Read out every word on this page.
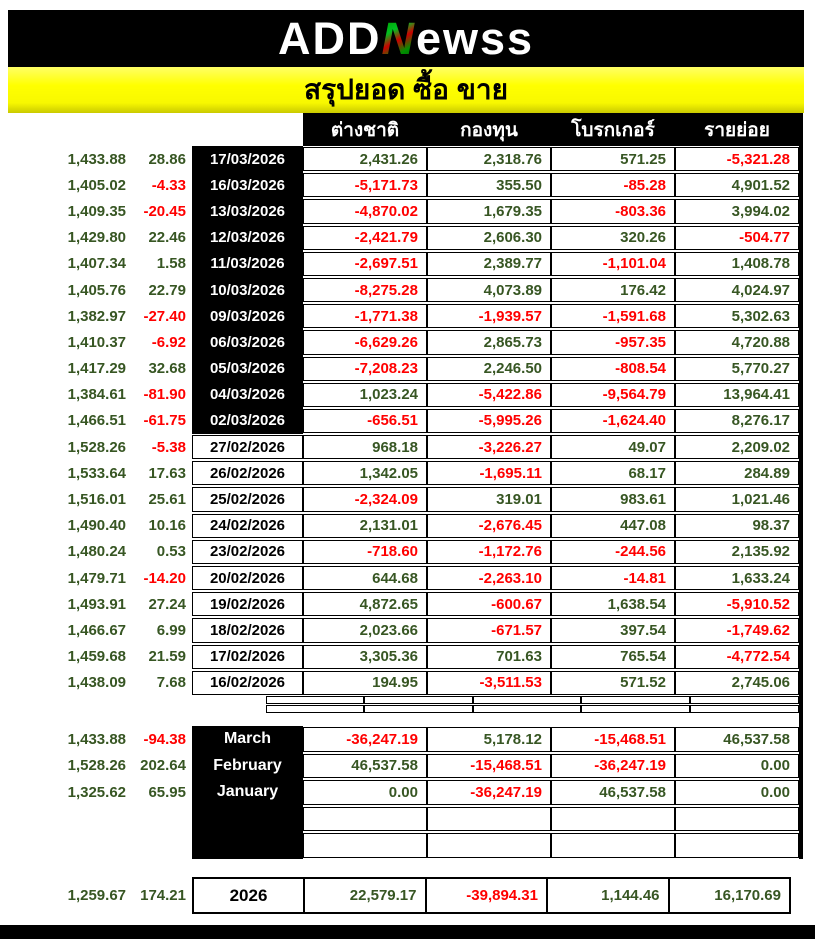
ADDNewss
สรุปยอด ซื้อ ขาย
ต่างชาติ	กองทุน	โบรกเกอร์	รายย่อย
1,433.88	28.86	17/03/2026	2,431.26	2,318.76	571.25	-5,321.28
1,405.02	-4.33	16/03/2026	-5,171.73	355.50	-85.28	4,901.52
1,409.35	-20.45	13/03/2026	-4,870.02	1,679.35	-803.36	3,994.02
1,429.80	22.46	12/03/2026	-2,421.79	2,606.30	320.26	-504.77
1,407.34	1.58	11/03/2026	-2,697.51	2,389.77	-1,101.04	1,408.78
1,405.76	22.79	10/03/2026	-8,275.28	4,073.89	176.42	4,024.97
1,382.97	-27.40	09/03/2026	-1,771.38	-1,939.57	-1,591.68	5,302.63
1,410.37	-6.92	06/03/2026	-6,629.26	2,865.73	-957.35	4,720.88
1,417.29	32.68	05/03/2026	-7,208.23	2,246.50	-808.54	5,770.27
1,384.61	-81.90	04/03/2026	1,023.24	-5,422.86	-9,564.79	13,964.41
1,466.51	-61.75	02/03/2026	-656.51	-5,995.26	-1,624.40	8,276.17
1,528.26	-5.38	27/02/2026	968.18	-3,226.27	49.07	2,209.02
1,533.64	17.63	26/02/2026	1,342.05	-1,695.11	68.17	284.89
1,516.01	25.61	25/02/2026	-2,324.09	319.01	983.61	1,021.46
1,490.40	10.16	24/02/2026	2,131.01	-2,676.45	447.08	98.37
1,480.24	0.53	23/02/2026	-718.60	-1,172.76	-244.56	2,135.92
1,479.71	-14.20	20/02/2026	644.68	-2,263.10	-14.81	1,633.24
1,493.91	27.24	19/02/2026	4,872.65	-600.67	1,638.54	-5,910.52
1,466.67	6.99	18/02/2026	2,023.66	-671.57	397.54	-1,749.62
1,459.68	21.59	17/02/2026	3,305.36	701.63	765.54	-4,772.54
1,438.09	7.68	16/02/2026	194.95	-3,511.53	571.52	2,745.06
1,433.88	-94.38	March	-36,247.19	5,178.12	-15,468.51	46,537.58
1,528.26 202.64	February	46,537.58	-15,468.51	-36,247.19	0.00
1,325.62	65.95	January	0.00	-36,247.19	46,537.58	0.00
1,259.67 174.21	2026	22,579.17	-39,894.31	1,144.46	16,170.69
